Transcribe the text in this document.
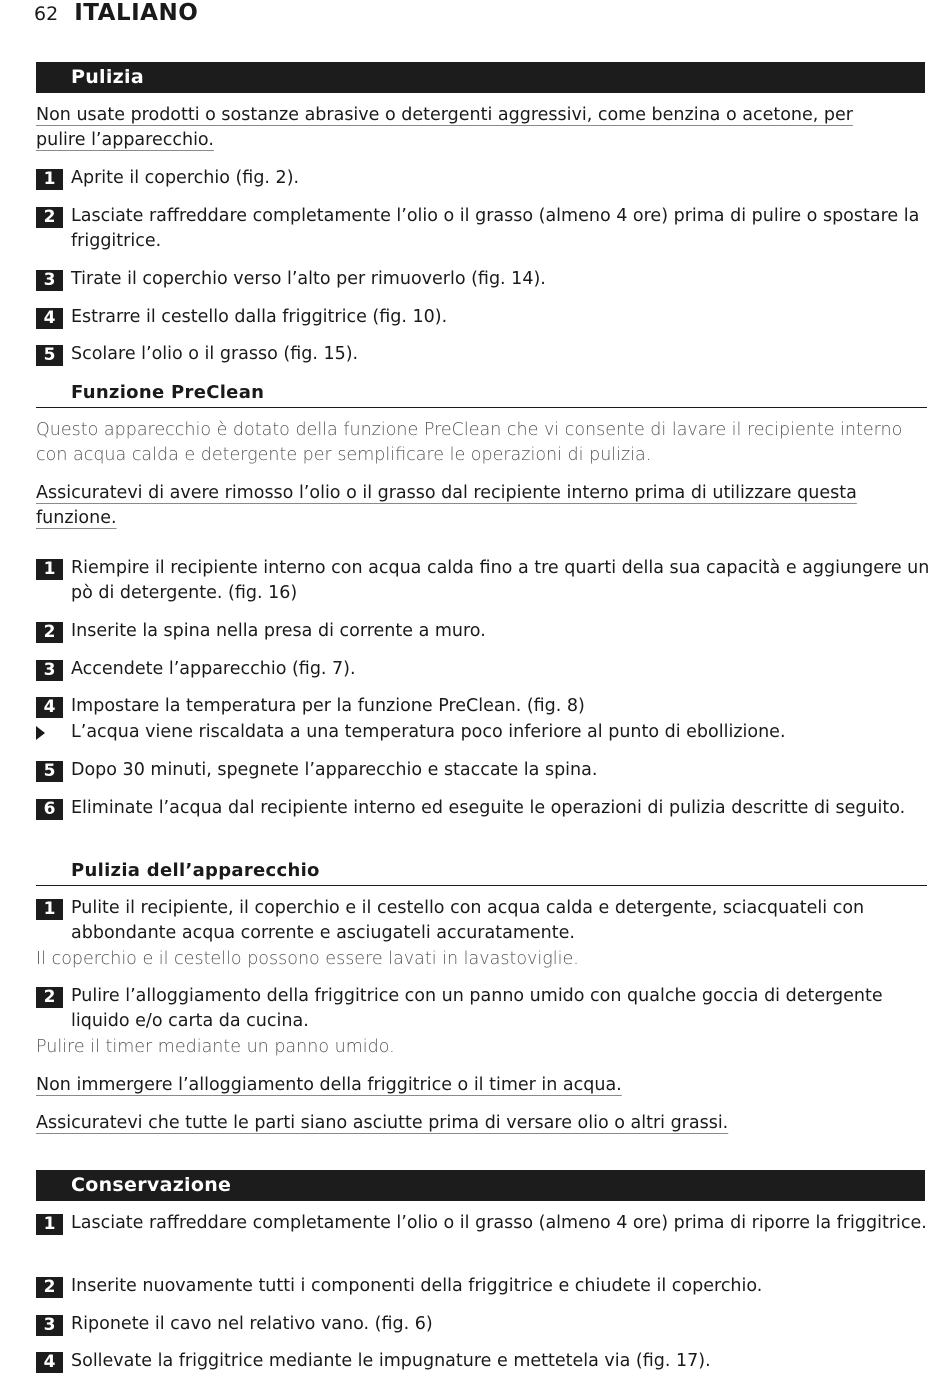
62 ITALIANO
Pulizia
Non usate prodotti o sostanze abrasive o detergenti aggressivi, come benzina o acetone, per pulire l’apparecchio.
1 Aprite il coperchio (fig. 2).
2 Lasciate raffreddare completamente l’olio o il grasso (almeno 4 ore) prima di pulire o spostare la friggitrice.
3 Tirate il coperchio verso l’alto per rimuoverlo (fig. 14).
4 Estrarre il cestello dalla friggitrice (fig. 10).
5 Scolare l’olio o il grasso (fig. 15).
Funzione PreClean
Questo apparecchio è dotato della funzione PreClean che vi consente di lavare il recipiente interno con acqua calda e detergente per semplificare le operazioni di pulizia.
Assicuratevi di avere rimosso l’olio o il grasso dal recipiente interno prima di utilizzare questa funzione.
1 Riempire il recipiente interno con acqua calda fino a tre quarti della sua capacità e aggiungere un pò di detergente. (fig. 16)
2 Inserite la spina nella presa di corrente a muro.
3 Accendete l’apparecchio (fig. 7).
4 Impostare la temperatura per la funzione PreClean. (fig. 8)
L’acqua viene riscaldata a una temperatura poco inferiore al punto di ebollizione.
5 Dopo 30 minuti, spegnete l’apparecchio e staccate la spina.
6 Eliminate l’acqua dal recipiente interno ed eseguite le operazioni di pulizia descritte di seguito.
Pulizia dell’apparecchio
1 Pulite il recipiente, il coperchio e il cestello con acqua calda e detergente, sciacquateli con abbondante acqua corrente e asciugateli accuratamente.
Il coperchio e il cestello possono essere lavati in lavastoviglie.
2 Pulire l’alloggiamento della friggitrice con un panno umido con qualche goccia di detergente liquido e/o carta da cucina.
Pulire il timer mediante un panno umido.
Non immergere l’alloggiamento della friggitrice o il timer in acqua.
Assicuratevi che tutte le parti siano asciutte prima di versare olio o altri grassi.
Conservazione
1 Lasciate raffreddare completamente l’olio o il grasso (almeno 4 ore) prima di riporre la friggitrice.
2 Inserite nuovamente tutti i componenti della friggitrice e chiudete il coperchio.
3 Riponete il cavo nel relativo vano. (fig. 6)
4 Sollevate la friggitrice mediante le impugnature e mettetela via (fig. 17).
